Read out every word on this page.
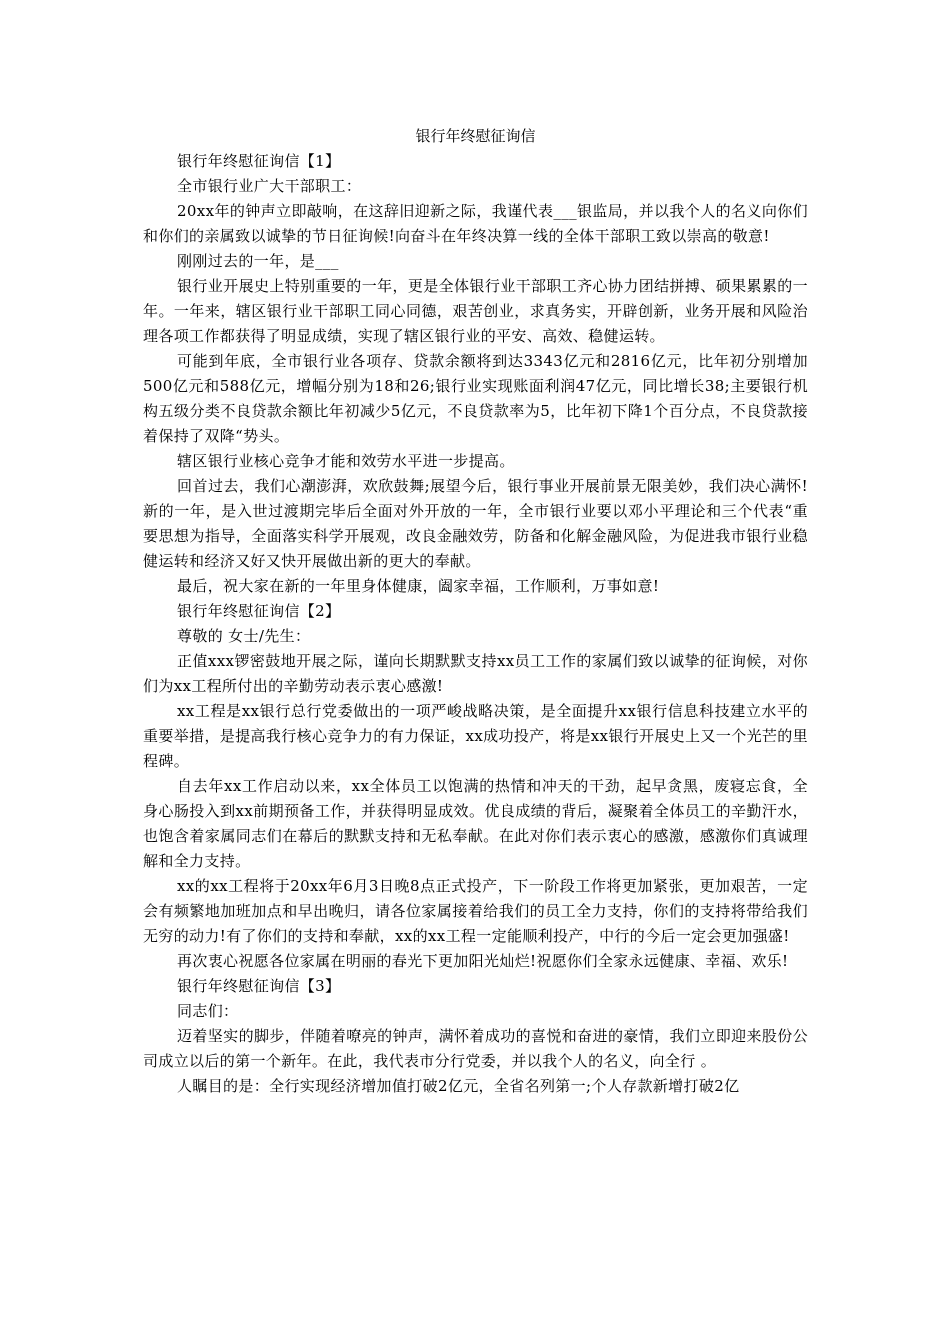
银行年终慰征询信

银行年终慰征询信【1】

全市银行业广大干部职工：

20xx年的钟声立即敲响，在这辞旧迎新之际，我谨代表___银监局，并以我个人的名义向你们和你们的亲属致以诚挚的节日征询候!向奋斗在年终决算一线的全体干部职工致以崇高的敬意!

刚刚过去的一年，是___

银行业开展史上特别重要的一年，更是全体银行业干部职工齐心协力团结拼搏、硕果累累的一年。一年来，辖区银行业干部职工同心同德，艰苦创业，求真务实，开辟创新，业务开展和风险治理各项工作都获得了明显成绩，实现了辖区银行业的平安、高效、稳健运转。

可能到年底，全市银行业各项存、贷款余额将到达3343亿元和2816亿元，比年初分别增加500亿元和588亿元，增幅分别为18和26;银行业实现账面利润47亿元，同比增长38;主要银行机构五级分类不良贷款余额比年初减少5亿元，不良贷款率为5，比年初下降1个百分点，不良贷款接着保持了双降“势头。

辖区银行业核心竞争才能和效劳水平进一步提高。

回首过去，我们心潮澎湃，欢欣鼓舞;展望今后，银行事业开展前景无限美妙，我们决心满怀!新的一年，是入世过渡期完毕后全面对外开放的一年，全市银行业要以邓小平理论和三个代表“重要思想为指导，全面落实科学开展观，改良金融效劳，防备和化解金融风险，为促进我市银行业稳健运转和经济又好又快开展做出新的更大的奉献。

最后，祝大家在新的一年里身体健康，阖家幸福，工作顺利，万事如意!

银行年终慰征询信【2】

尊敬的 女士/先生：

正值xxx锣密鼓地开展之际，谨向长期默默支持xx员工工作的家属们致以诚挚的征询候，对你们为xx工程所付出的辛勤劳动表示衷心感激!

xx工程是xx银行总行党委做出的一项严峻战略决策，是全面提升xx银行信息科技建立水平的重要举措，是提高我行核心竞争力的有力保证，xx成功投产，将是xx银行开展史上又一个光芒的里程碑。

自去年xx工作启动以来，xx全体员工以饱满的热情和冲天的干劲，起早贪黑，废寝忘食，全身心肠投入到xx前期预备工作，并获得明显成效。优良成绩的背后，凝聚着全体员工的辛勤汗水，也饱含着家属同志们在幕后的默默支持和无私奉献。在此对你们表示衷心的感激，感激你们真诚理解和全力支持。

xx的xx工程将于20xx年6月3日晚8点正式投产，下一阶段工作将更加紧张，更加艰苦，一定会有频繁地加班加点和早出晚归，请各位家属接着给我们的员工全力支持，你们的支持将带给我们无穷的动力!有了你们的支持和奉献，xx的xx工程一定能顺利投产，中行的今后一定会更加强盛!

再次衷心祝愿各位家属在明丽的春光下更加阳光灿烂!祝愿你们全家永远健康、幸福、欢乐!

银行年终慰征询信【3】

同志们：

迈着坚实的脚步，伴随着嘹亮的钟声，满怀着成功的喜悦和奋进的豪情，我们立即迎来股份公司成立以后的第一个新年。在此，我代表市分行党委，并以我个人的名义，向全行 。

人瞩目的是：全行实现经济增加值打破2亿元，全省名列第一;个人存款新增打破2亿
